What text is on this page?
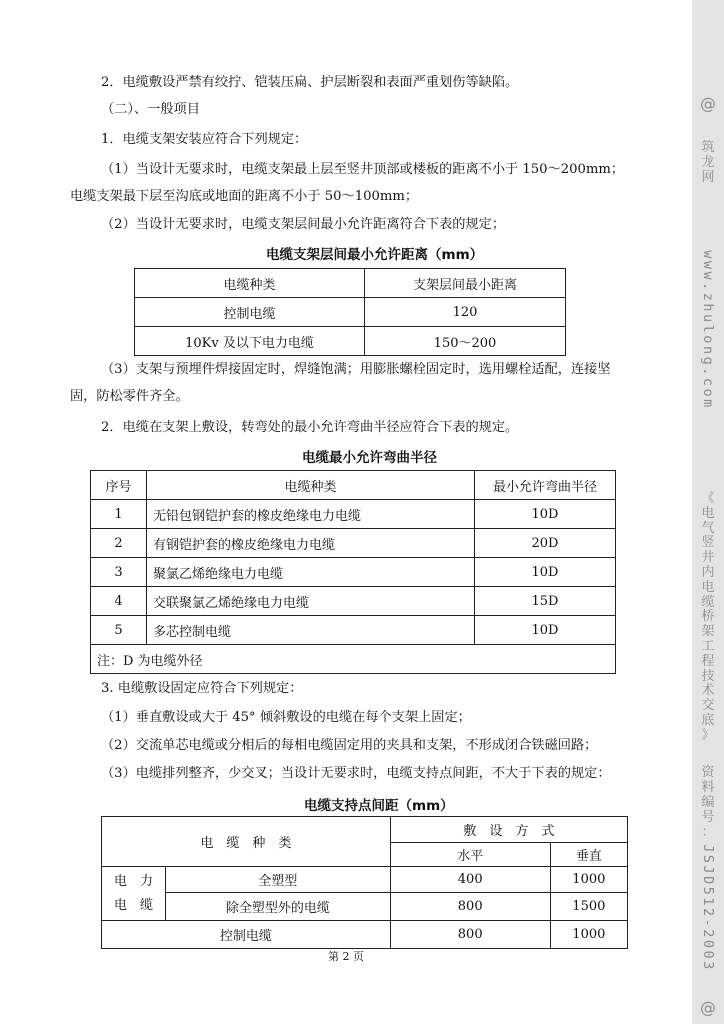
2．电缆敷设严禁有绞拧、铠装压扁、护层断裂和表面严重划伤等缺陷。
（二）、一般项目
1．电缆支架安装应符合下列规定：
（1）当设计无要求时，电缆支架最上层至竖井顶部或楼板的距离不小于 150～200mm；
电缆支架最下层至沟底或地面的距离不小于 50～100mm；
（2）当设计无要求时，电缆支架层间最小允许距离符合下表的规定；
电缆支架层间最小允许距离（mm）
电缆种类	支架层间最小距离
控制电缆	120
10Kv 及以下电力电缆	150～200
（3）支架与预埋件焊接固定时，焊缝饱满；用膨胀螺栓固定时，选用螺栓适配，连接坚
固，防松零件齐全。
2．电缆在支架上敷设，转弯处的最小允许弯曲半径应符合下表的规定。
电缆最小允许弯曲半径
序号	电缆种类	最小允许弯曲半径
1	无铅包钢铠护套的橡皮绝缘电力电缆	10D
2	有钢铠护套的橡皮绝缘电力电缆	20D
3	聚氯乙烯绝缘电力电缆	10D
4	交联聚氯乙烯绝缘电力电缆	15D
5	多芯控制电缆	10D
注：D 为电缆外径		
3. 电缆敷设固定应符合下列规定：
（1）垂直敷设或大于 45° 倾斜敷设的电缆在每个支架上固定；
（2）交流单芯电缆或分相后的每相电缆固定用的夹具和支架，不形成闭合铁磁回路；
（3）电缆排列整齐，少交叉；当设计无要求时，电缆支持点间距，不大于下表的规定：
电缆支持点间距（mm）
电　缆　种　类		敷　设　方　式	
		水平	垂直

电　力
电　缆	全塑型	400	1000
	除全塑型外的电缆	800	1500
控制电缆		800	1000
第 2 页
@
筑
龙
网
www.zhulong.com
《
电
气
竖
井
内
电
缆
桥
架
工
程
技
术
交
底
》
资
料
编
号
：
JSJD512-2003
@
